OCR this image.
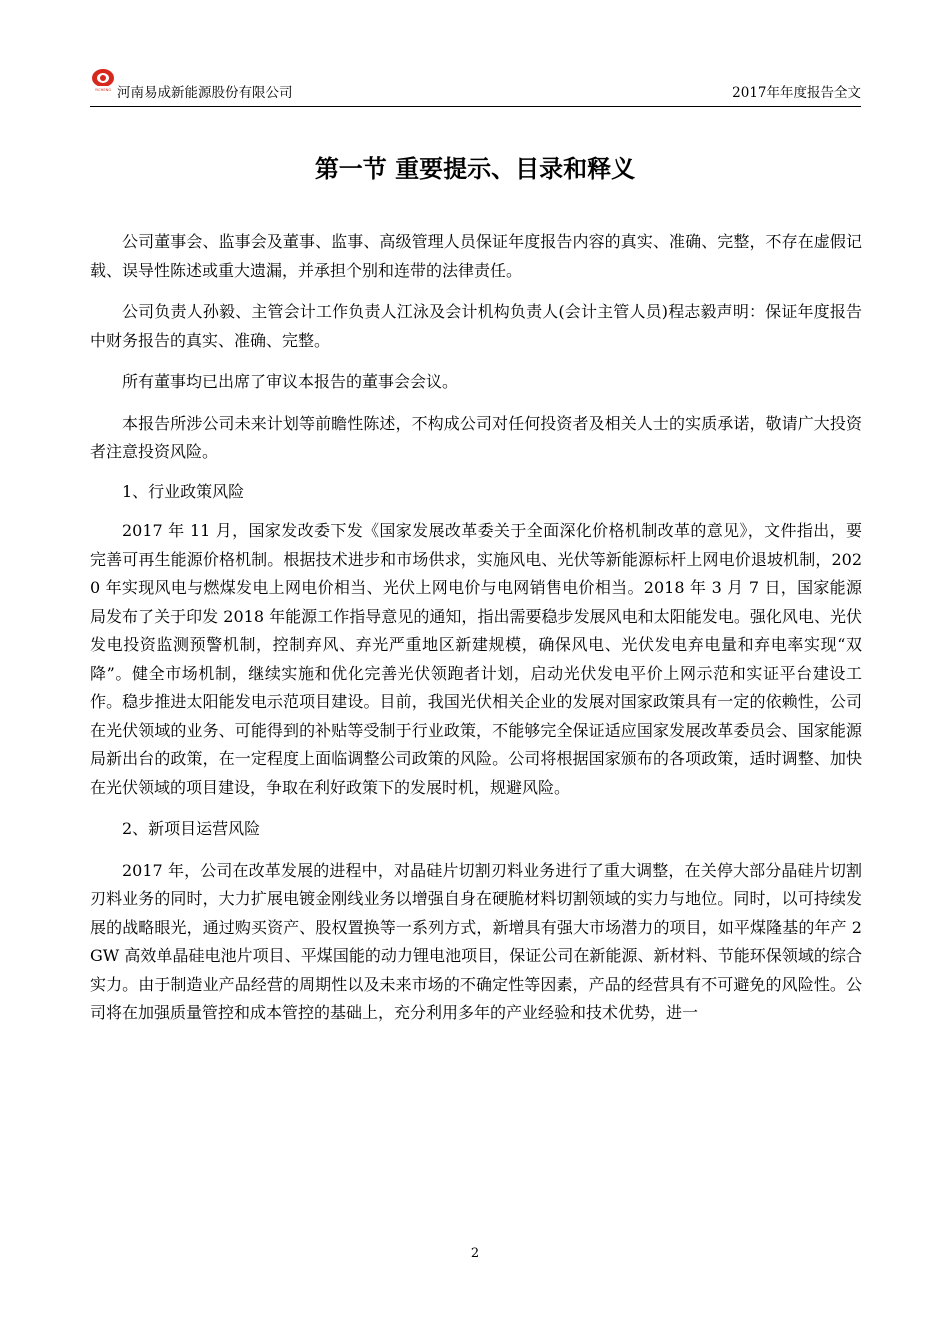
YICHENG 河南易成新能源股份有限公司	2017年年度报告全文
第一节 重要提示、目录和释义

公司董事会、监事会及董事、监事、高级管理人员保证年度报告内容的真实、准确、完整，不存在虚假记载、误导性陈述或重大遗漏，并承担个别和连带的法律责任。

公司负责人孙毅、主管会计工作负责人江泳及会计机构负责人(会计主管人员)程志毅声明：保证年度报告中财务报告的真实、准确、完整。

所有董事均已出席了审议本报告的董事会会议。

本报告所涉公司未来计划等前瞻性陈述，不构成公司对任何投资者及相关人士的实质承诺，敬请广大投资者注意投资风险。

1、行业政策风险

2017 年 11 月，国家发改委下发《国家发展改革委关于全面深化价格机制改革的意见》，文件指出，要完善可再生能源价格机制。根据技术进步和市场供求，实施风电、光伏等新能源标杆上网电价退坡机制，2020 年实现风电与燃煤发电上网电价相当、光伏上网电价与电网销售电价相当。2018 年 3 月 7 日，国家能源局发布了关于印发 2018 年能源工作指导意见的通知，指出需要稳步发展风电和太阳能发电。强化风电、光伏发电投资监测预警机制，控制弃风、弃光严重地区新建规模，确保风电、光伏发电弃电量和弃电率实现“双降”。健全市场机制，继续实施和优化完善光伏领跑者计划，启动光伏发电平价上网示范和实证平台建设工作。稳步推进太阳能发电示范项目建设。目前，我国光伏相关企业的发展对国家政策具有一定的依赖性，公司在光伏领域的业务、可能得到的补贴等受制于行业政策，不能够完全保证适应国家发展改革委员会、国家能源局新出台的政策，在一定程度上面临调整公司政策的风险。公司将根据国家颁布的各项政策，适时调整、加快在光伏领域的项目建设，争取在利好政策下的发展时机，规避风险。

2、新项目运营风险

2017 年，公司在改革发展的进程中，对晶硅片切割刃料业务进行了重大调整，在关停大部分晶硅片切割刃料业务的同时，大力扩展电镀金刚线业务以增强自身在硬脆材料切割领域的实力与地位。同时，以可持续发展的战略眼光，通过购买资产、股权置换等一系列方式，新增具有强大市场潜力的项目，如平煤隆基的年产 2GW 高效单晶硅电池片项目、平煤国能的动力锂电池项目，保证公司在新能源、新材料、节能环保领域的综合实力。由于制造业产品经营的周期性以及未来市场的不确定性等因素，产品的经营具有不可避免的风险性。公司将在加强质量管控和成本管控的基础上，充分利用多年的产业经验和技术优势，进一

2
